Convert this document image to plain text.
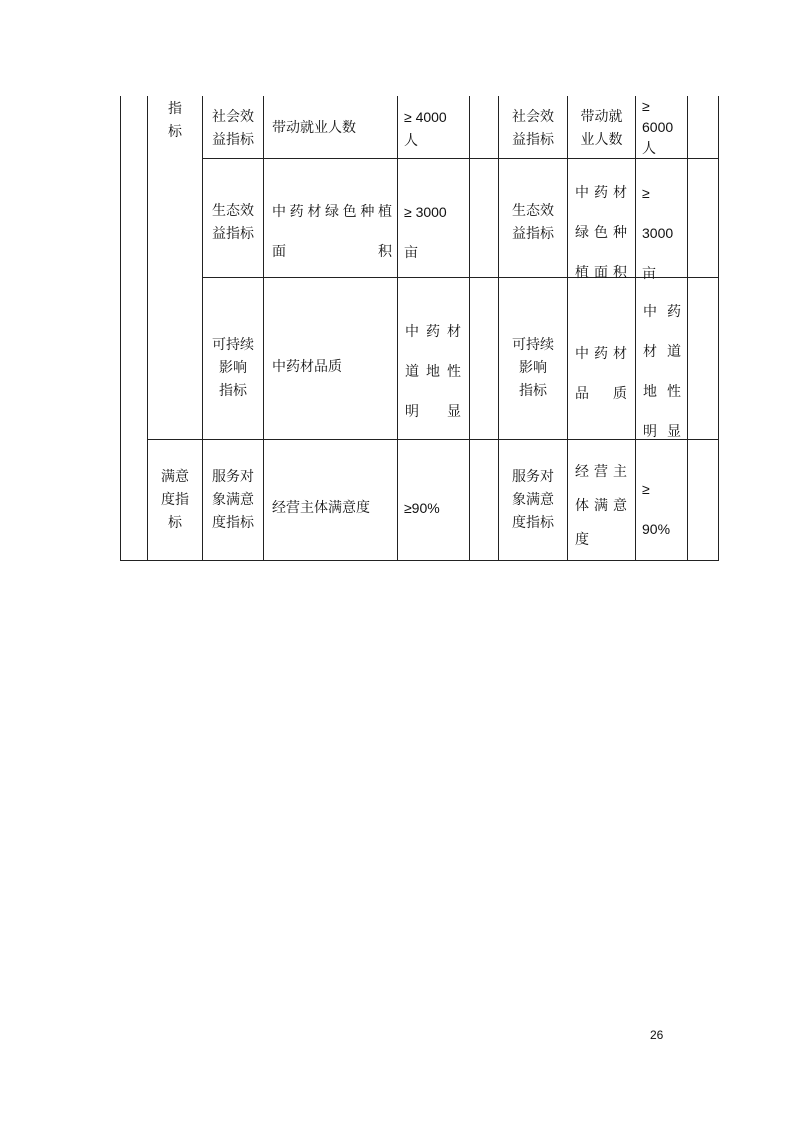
指
标
社会效
益指标
带动就业人数
≥ 4000
人
社会效
益指标
带动就
业人数
≥
6000
人
生态效
益指标
中药材绿色种植
面积
≥ 3000
亩
生态效
益指标
中药材
绿色种
植面积
≥
3000
亩
可持续
影响
指标
中药材品质
中药材
道地性
明显
可持续
影响
指标
中药材
品质
中药
材道
地性
明显
满意
度指
标
服务对
象满意
度指标
经营主体满意度	≥90%
服务对
象满意
度指标
经营主
体满意
度
≥
90%
26
